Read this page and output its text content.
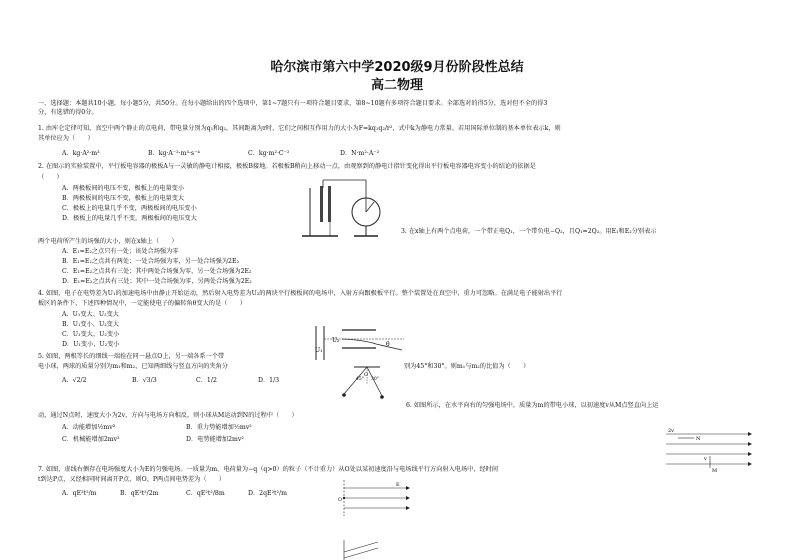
哈尔滨市第六中学2020级9月份阶段性总结
高二物理
一、选择题：本题共10小题，每小题5分，共50分。在每小题给出的四个选项中，第1~7题只有一项符合题目要求，第8~10题有多项符合题目要求。全部选对的得5分，选对但不全的得3
分，有选错的得0分。
1. 由库仑定律可知，真空中两个静止的点电荷，带电量分别为q₁和q₂，其间距离为r时，它们之间相互作用力的大小为F=kq₁q₂/r²，式中k为静电力常量。若用国际单位制的基本单位表示k，则
其单位应为（　　）
A．kg·A²·m³	B．kg·A⁻²·m³·s⁻⁴	C．kg·m²·C⁻²	D．N·m²·A⁻²
2. 在图示的实验装置中，平行板电容器的极板A与一灵敏的静电计相接，极板B接地。若极板B稍向上移动一点，由观察到的静电计指针变化得出平行板电容器电容变小的结论的依据是
（　　）
A．两极板间的电压不变，极板上的电量变小
B．两极板间的电压不变，极板上的电量变大
C．极板上的电量几乎不变，两极板间的电压变小
D．极板上的电量几乎不变，两极板间的电压变大
3. 在x轴上有两个点电荷，一个带正电Q₁，一个带负电−Q₂，且Q₁=2Q₂。用E₁和E₂分别表示
两个电荷所产生的场强的大小，则在x轴上（　　）
A．E₁=E₂之点只有一处；该处合场强为零
B．E₁=E₂之点共有两处；一处合场强为零，另一处合场强为2E₂
C．E₁=E₂之点共有三处；其中两处合场强为零，另一处合场强为2E₂
D．E₁=E₂之点共有三处；其中一处合场强为零，另两处合场强为2E₂
4. 如图，电子在电势差为U₁的加速电场中由静止开始运动，然后射入电势差为U₂的两块平行极板间的电场中，入射方向跟极板平行。整个装置处在真空中，重力可忽略。在满足电子能射出平行
板区的条件下，下述四种情况中，一定能使电子的偏转角θ变大的是（　　）
A．U₁变大、U₂变大
B．U₁变小、U₂变大
C．U₁变大、U₂变小
D．U₁变小、U₂变小
U₁
U₂
θ
5. 如图，两根等长的细线一端拴在同一悬点O上，另一端各系一个带
电小球，两球的质量分别为m₁和m₂，已知两细线与竖直方向的夹角分	别为45°和30°。则m₁与m₂的比值为（　　）
A．√2/2	B．√3/3	C．1/2	D．1/3
O
45° 30°
6. 如图所示，在水平向右的匀强电场中，质量为m的带电小球，以初速度v从M点竖直向上运
动，通过N点时，速度大小为2v，方向与电场方向相反，则小球从M运动到N的过程中（　　）
A．动能增加½mv²	B．重力势能增加½mv²
C．机械能增加2mv²	D．电势能增加2mv²
2v
N
v
M
7. 如图，虚线右侧存在电场强度大小为E的匀强电场。一质量为m、电荷量为−q（q>0）的粒子（不计重力）从O处以某初速度沿与电场线平行方向射入电场中，经时间
t到达P点，又经相同时间离开P点，则O、P两点间电势差为（　　）
A．qE²t²/m	B．qE²t²/2m	C．qE²t²/8m	D．2qE²t²/m
E
O
